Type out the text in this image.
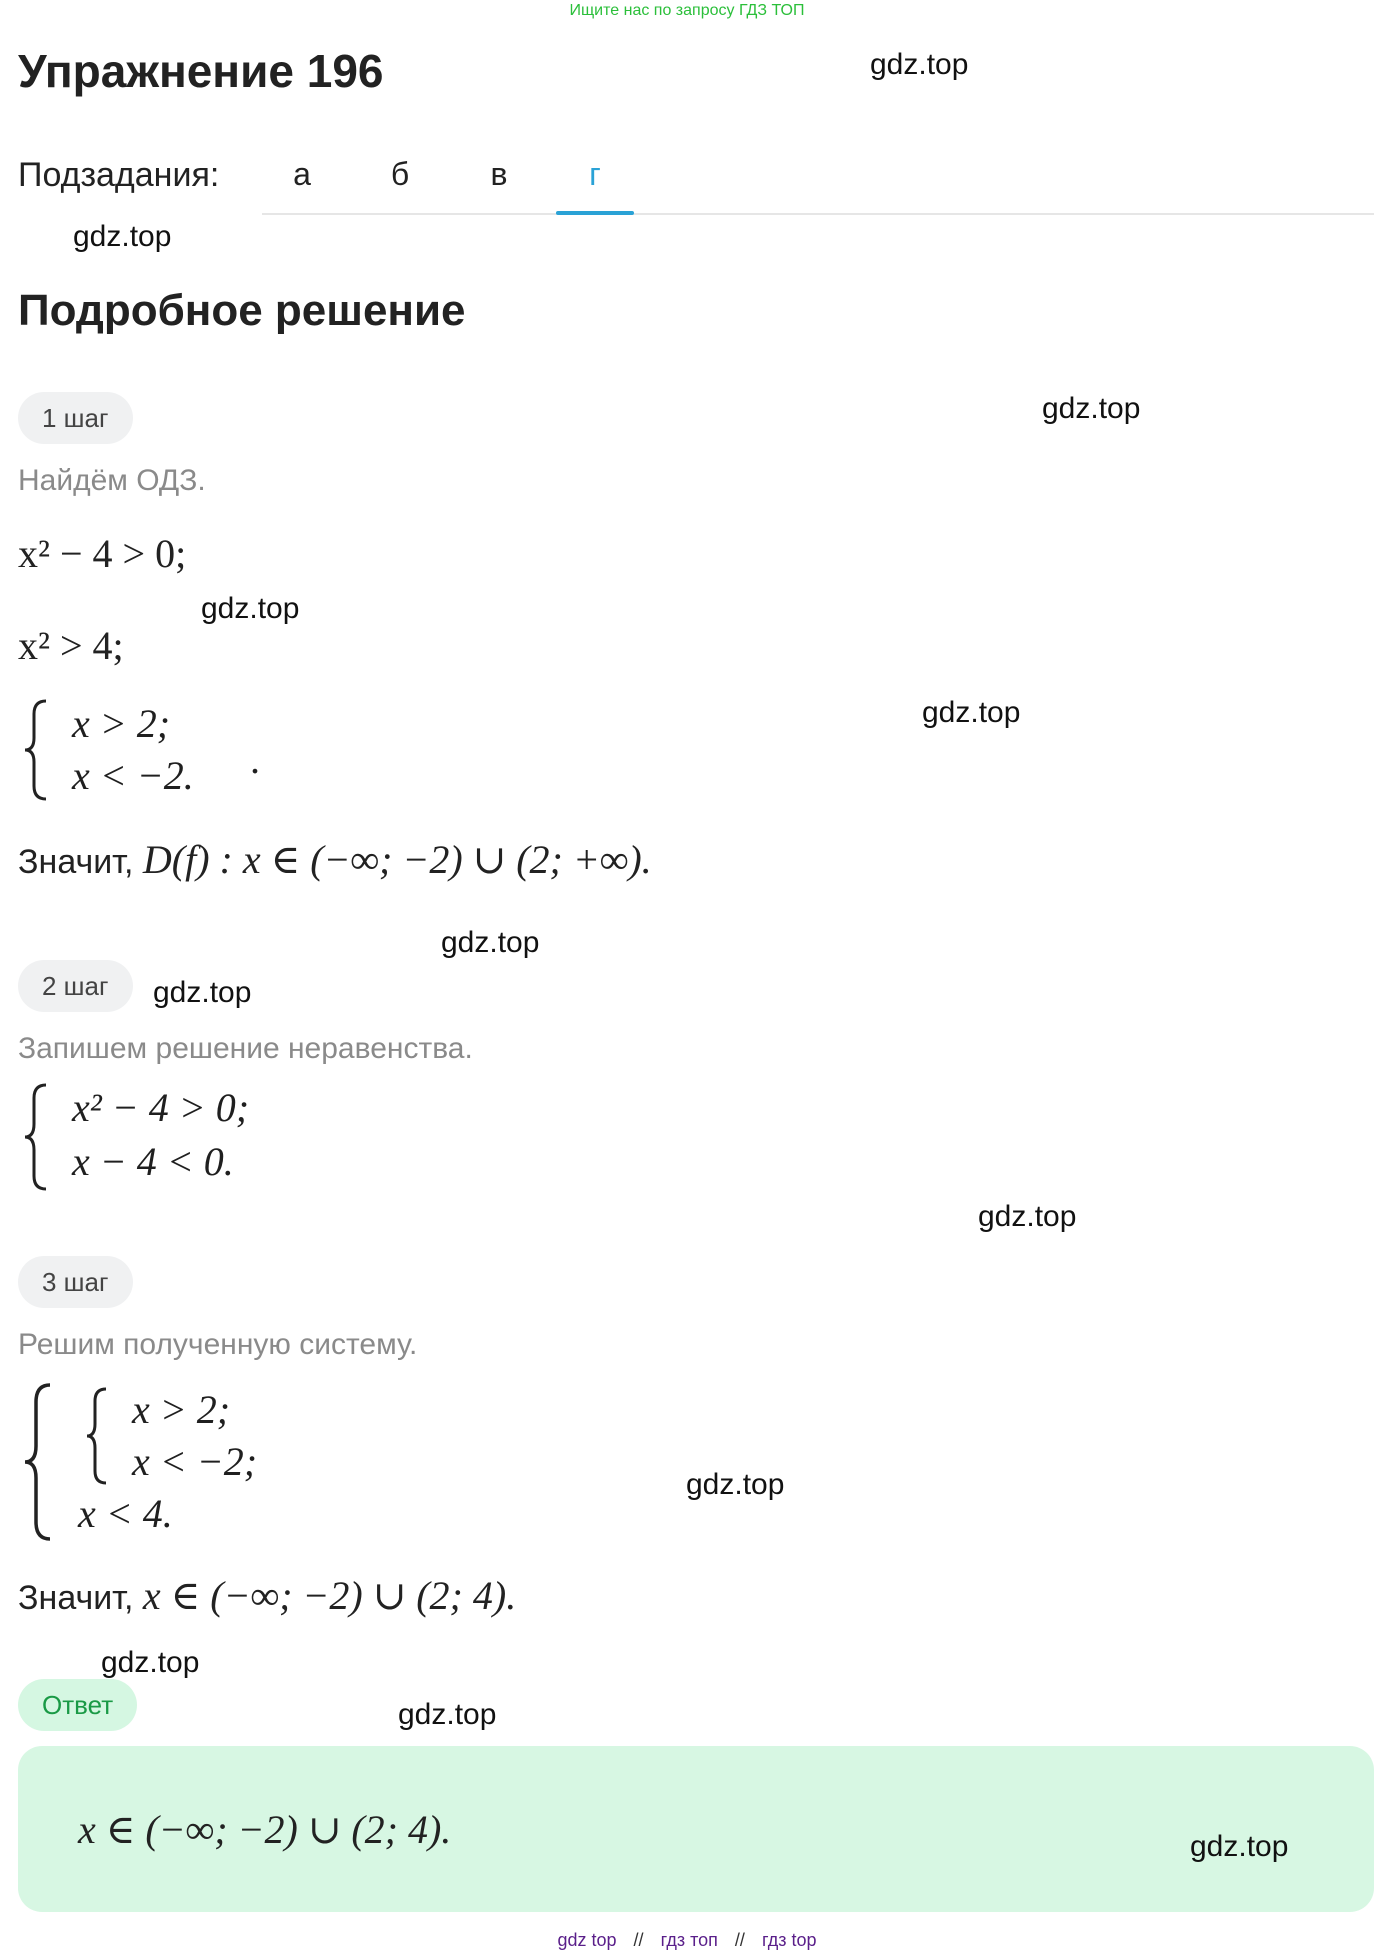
Ищите нас по запросу ГДЗ ТОП
Упражнение 196	gdz.top
Подзадания:	а	б	в	г
gdz.top
Подробное решение
1 шаг	gdz.top
Найдём ОДЗ.
x² − 4 > 0;
gdz.top
x² > 4;
x > 2;
x < −2. .
gdz.top
Значит, D(f) : x ∈ (−∞; −2) ∪ (2; +∞).
gdz.top
2 шаг	gdz.top
Запишем решение неравенства.
x² − 4 > 0;
x − 4 < 0.
gdz.top
3 шаг
Решим полученную систему.
x > 2;
x < −2;
x < 4.
gdz.top
Значит, x ∈ (−∞; −2) ∪ (2; 4).
gdz.top
Ответ	gdz.top
x ∈ (−∞; −2) ∪ (2; 4).	gdz.top
gdz top // гдз топ // гдз top
